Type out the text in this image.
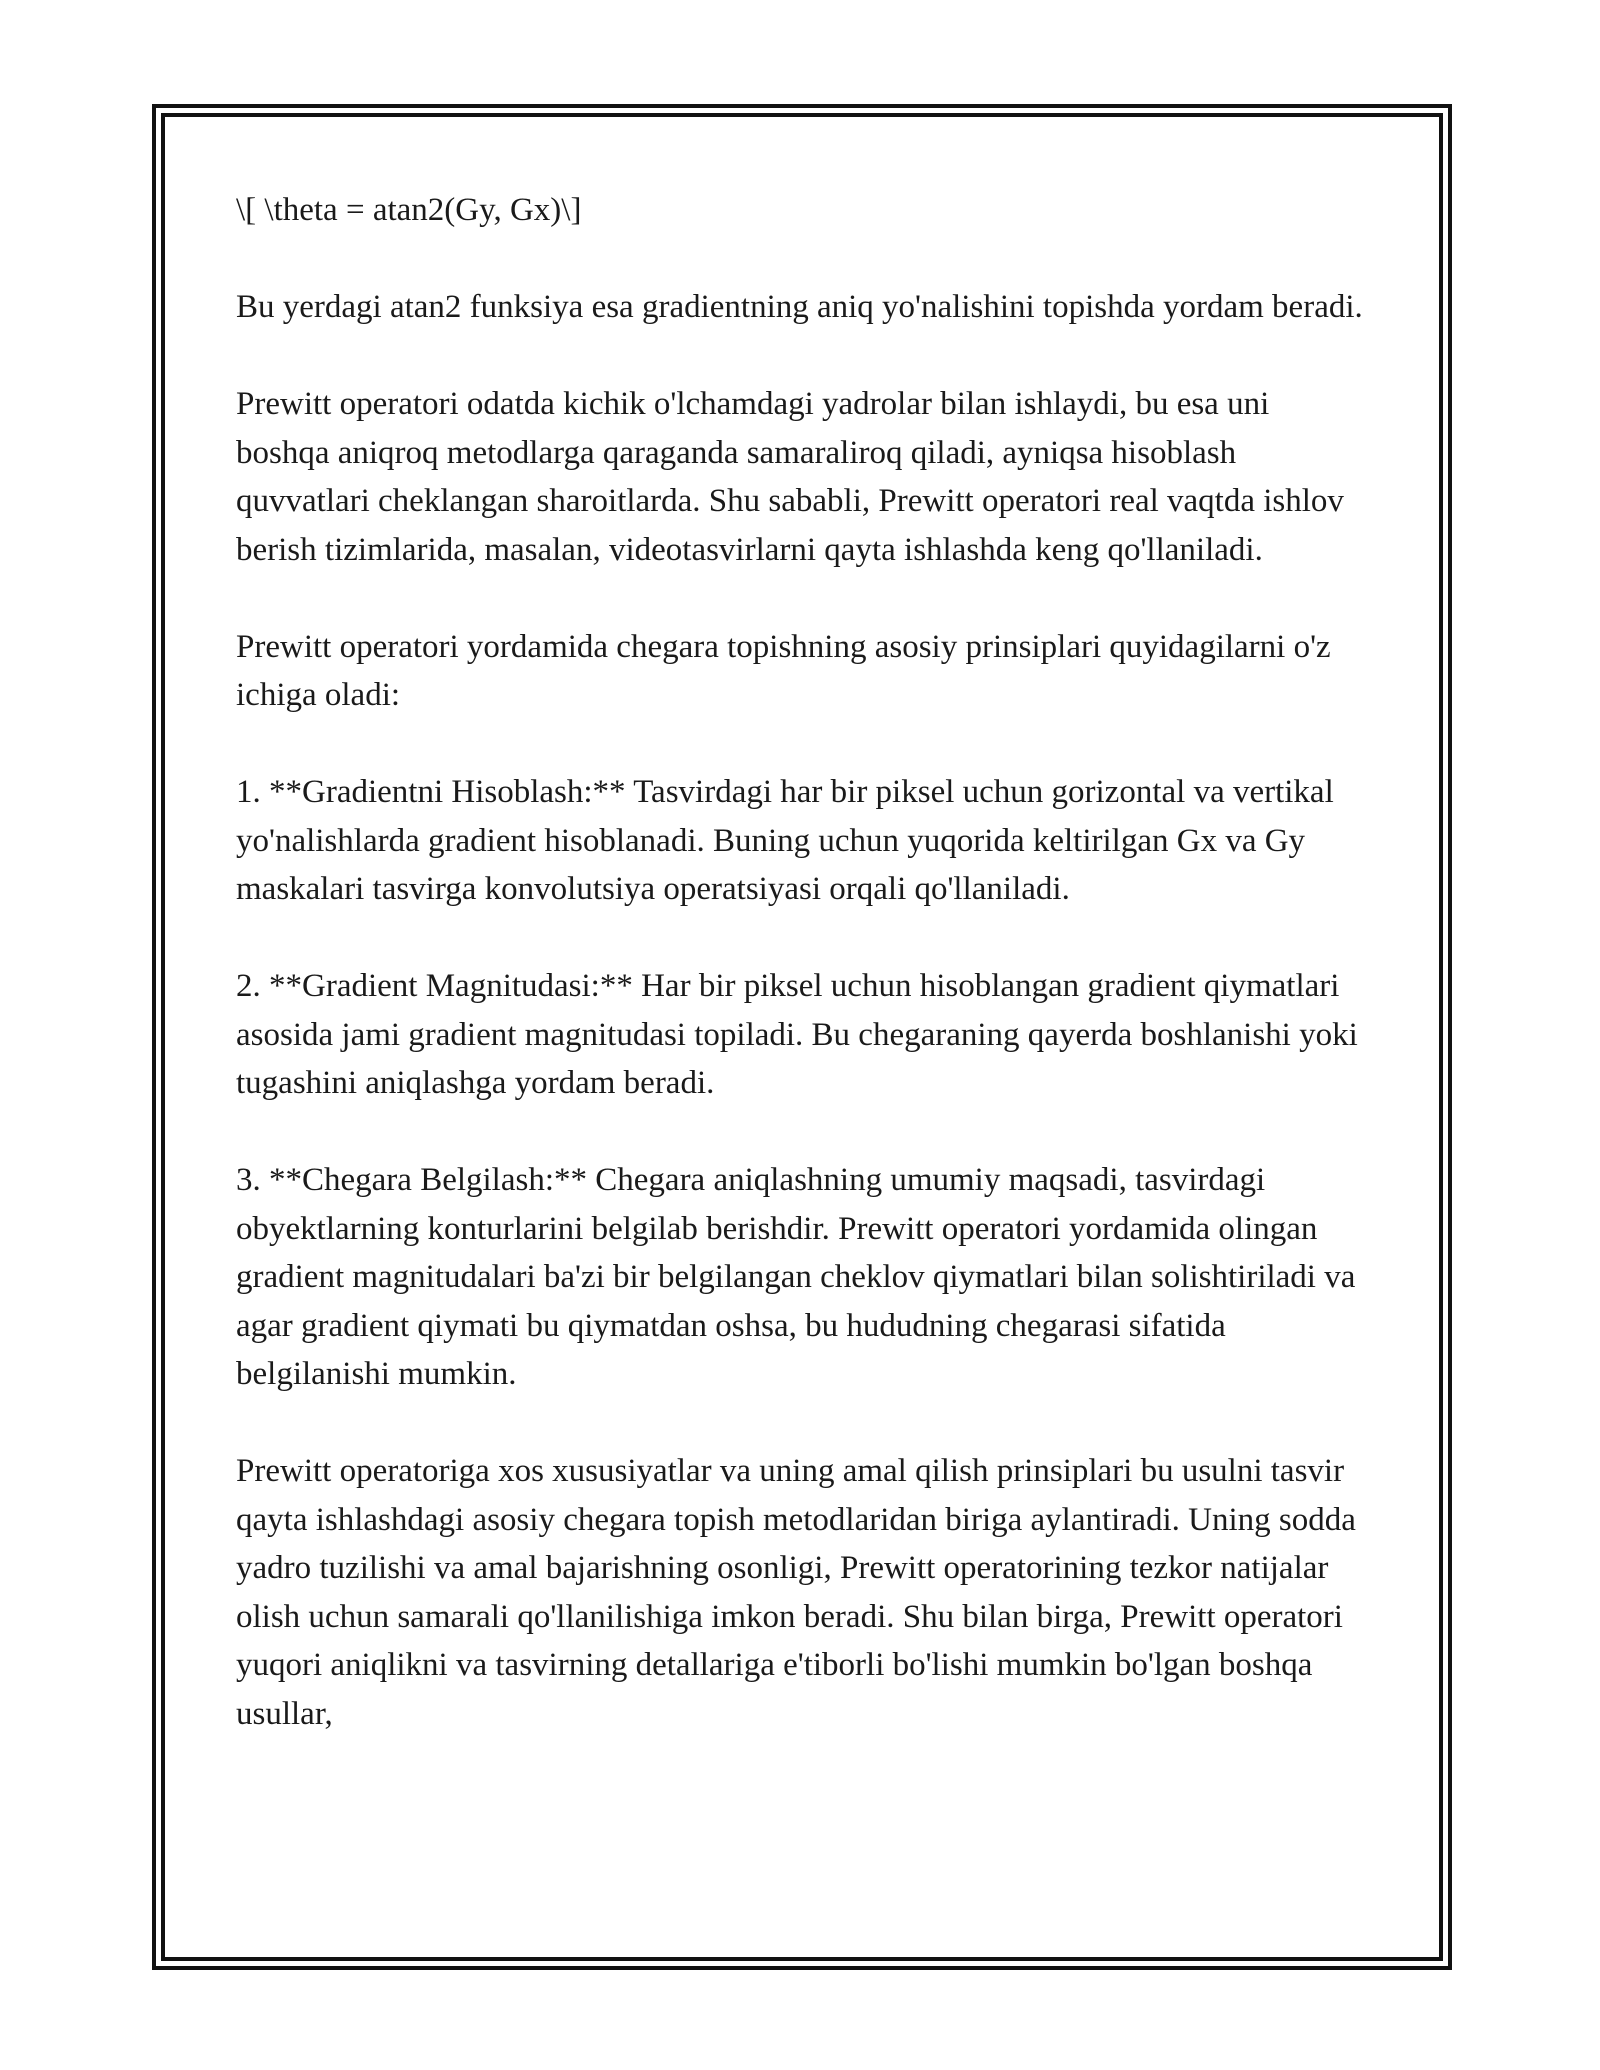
\[ \theta = atan2(Gy, Gx)\]

Bu yerdagi atan2 funksiya esa gradientning aniq yo'nalishini topishda yordam beradi.

Prewitt operatori odatda kichik o'lchamdagi yadrolar bilan ishlaydi, bu esa uni boshqa aniqroq metodlarga qaraganda samaraliroq qiladi, ayniqsa hisoblash quvvatlari cheklangan sharoitlarda. Shu sababli, Prewitt operatori real vaqtda ishlov berish tizimlarida, masalan, videotasvirlarni qayta ishlashda keng qo'llaniladi.

Prewitt operatori yordamida chegara topishning asosiy prinsiplari quyidagilarni o'z ichiga oladi:

1. **Gradientni Hisoblash:** Tasvirdagi har bir piksel uchun gorizontal va vertikal yo'nalishlarda gradient hisoblanadi. Buning uchun yuqorida keltirilgan Gx va Gy maskalari tasvirga konvolutsiya operatsiyasi orqali qo'llaniladi.

2. **Gradient Magnitudasi:** Har bir piksel uchun hisoblangan gradient qiymatlari asosida jami gradient magnitudasi topiladi. Bu chegaraning qayerda boshlanishi yoki tugashini aniqlashga yordam beradi.

3. **Chegara Belgilash:** Chegara aniqlashning umumiy maqsadi, tasvirdagi obyektlarning konturlarini belgilab berishdir. Prewitt operatori yordamida olingan gradient magnitudalari ba'zi bir belgilangan cheklov qiymatlari bilan solishtiriladi va agar gradient qiymati bu qiymatdan oshsa, bu hududning chegarasi sifatida belgilanishi mumkin.

Prewitt operatoriga xos xususiyatlar va uning amal qilish prinsiplari bu usulni tasvir qayta ishlashdagi asosiy chegara topish metodlaridan biriga aylantiradi. Uning sodda yadro tuzilishi va amal bajarishning osonligi, Prewitt operatorining tezkor natijalar olish uchun samarali qo'llanilishiga imkon beradi. Shu bilan birga, Prewitt operatori yuqori aniqlikni va tasvirning detallariga e'tiborli bo'lishi mumkin bo'lgan boshqa usullar,
